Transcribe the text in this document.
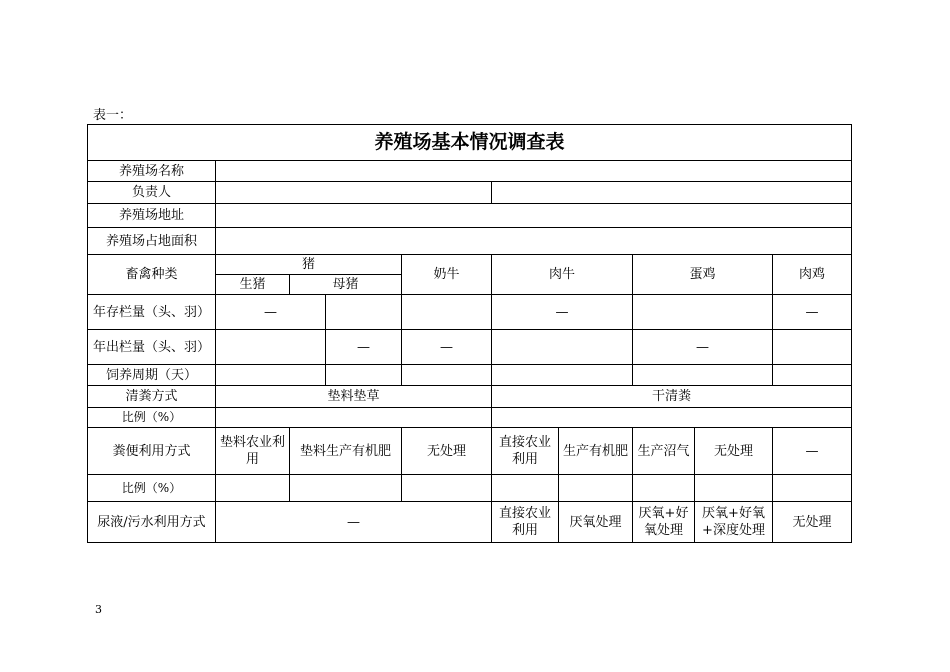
表一：
养殖场基本情况调查表									
养殖场名称									
负责人									
养殖场地址									
养殖场占地面积									
畜禽种类	猪			奶牛	肉牛		蛋鸡		肉鸡
	生猪	母猪							
年存栏量（头、羽）	—				—				—
年出栏量（头、羽）			—	—			—		
饲养周期（天）									
清粪方式	垫料垫草				干清粪				
比例（%）									
粪便利用方式	垫料农业利用	垫料生产有机肥		无处理	直接农业利用	生产有机肥	生产沼气	无处理	—
比例（%）									
尿液/污水利用方式	—				直接农业利用	厌氧处理	厌氧+好氧处理	厌氧+好氧+深度处理	无处理
3
